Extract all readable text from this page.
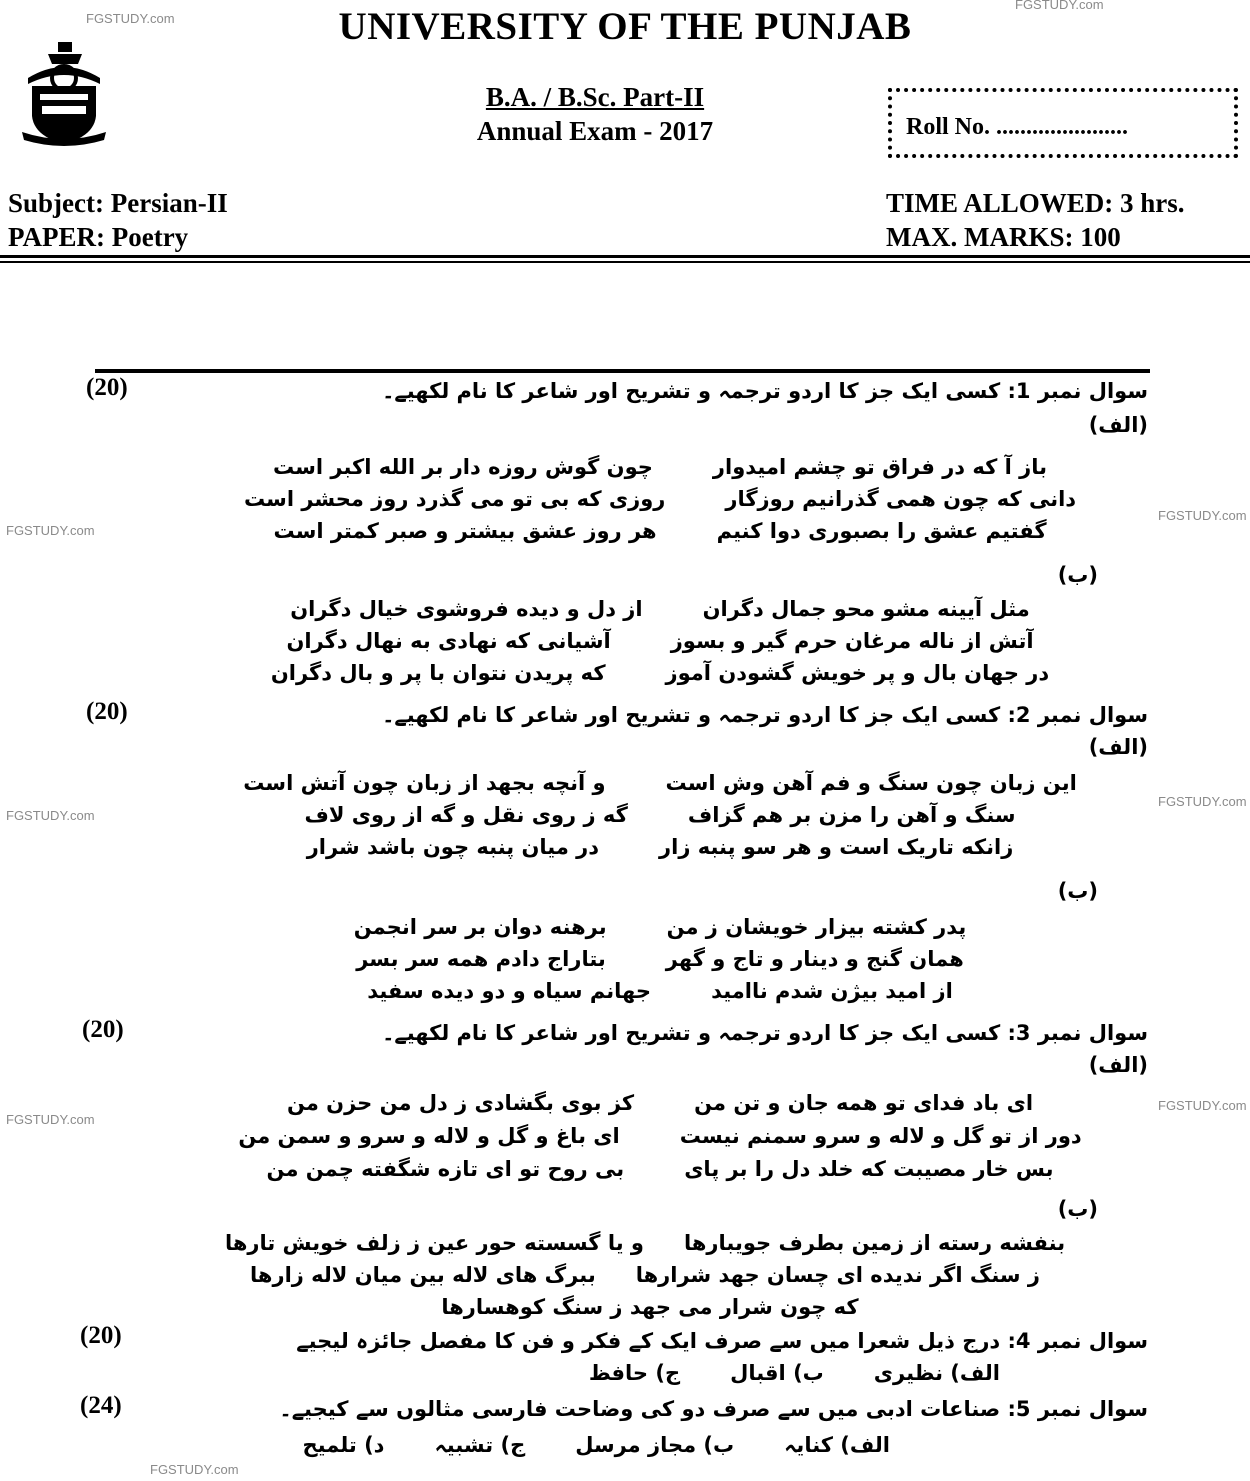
FGSTUDY.com
FGSTUDY.com
UNIVERSITY OF THE PUNJAB
B.A. / B.Sc. Part-II
Annual Exam - 2017	Roll No. ......................
Subject: Persian-II
PAPER: Poetry
TIME ALLOWED: 3 hrs.
MAX. MARKS: 100
FGSTUDY.com
FGSTUDY.com
FGSTUDY.com
FGSTUDY.com
FGSTUDY.com
FGSTUDY.com
FGSTUDY.com
سوال نمبر 1: کسی ایک جز کا اردو ترجمہ و تشریح اور شاعر کا نام لکھیے۔
(20)
(الف)
باز آ که در فراق تو چشم امیدوار
چون گوش روزه دار بر الله اکبر است
دانی که چون همی گذرانیم روزگار
روزی که بی تو می گذرد روز محشر است
گفتیم عشق را بصبوری دوا کنیم
هر روز عشق بیشتر و صبر کمتر است
(ب)
مثل آیینه مشو محو جمال دگران
از دل و دیده فروشوی خیال دگران
آتش از ناله مرغان حرم گیر و بسوز
آشیانی که نهادی به نهال دگران
در جهان بال و پر خویش گشودن آموز
که پریدن نتوان با پر و بال دگران
سوال نمبر 2: کسی ایک جز کا اردو ترجمہ و تشریح اور شاعر کا نام لکھیے۔
(20)
(الف)
این زبان چون سنگ و فم آهن وش است
و آنچه بجهد از زبان چون آتش است
سنگ و آهن را مزن بر هم گزاف
گه ز روی نقل و گه از روی لاف
زانکه تاریک است و هر سو پنبه زار
در میان پنبه چون باشد شرار
(ب)
پدر کشته بیزار خویشان ز من
برهنه دوان بر سر انجمن
همان گنج و دینار و تاج و گهر
بتاراج دادم همه سر بسر
از امید بیژن شدم ناامید
جهانم سیاه و دو دیده سفید
سوال نمبر 3: کسی ایک جز کا اردو ترجمہ و تشریح اور شاعر کا نام لکھیے۔
(20)
(الف)
ای باد فدای تو همه جان و تن من
کز بوی بگشادی ز دل من حزن من
دور از تو گل و لاله و سرو سمنم نیست
ای باغ و گل و لاله و سرو و سمن من
بس خار مصیبت که خلد دل را بر پای
بی روح تو ای تازه شگفته چمن من
(ب)
بنفشه رسته از زمین بطرف جویبارها
و یا گسسته حور عین ز زلف خویش تارها
ز سنگ اگر ندیده ای چسان جهد شرارها
ببرگ های لاله بین میان لاله زارها
که چون شرار می جهد ز سنگ کوهسارها
سوال نمبر 4: درج ذیل شعرا میں سے صرف ایک کے فکر و فن کا مفصل جائزہ لیجیے
(20)
الف) نظیری
ب) اقبال
ج) حافظ
سوال نمبر 5: صناعات ادبی میں سے صرف دو کی وضاحت فارسی مثالوں سے کیجیے۔
(24)
الف) کنایہ
ب) مجاز مرسل
ج) تشبیہ
د) تلمیح
